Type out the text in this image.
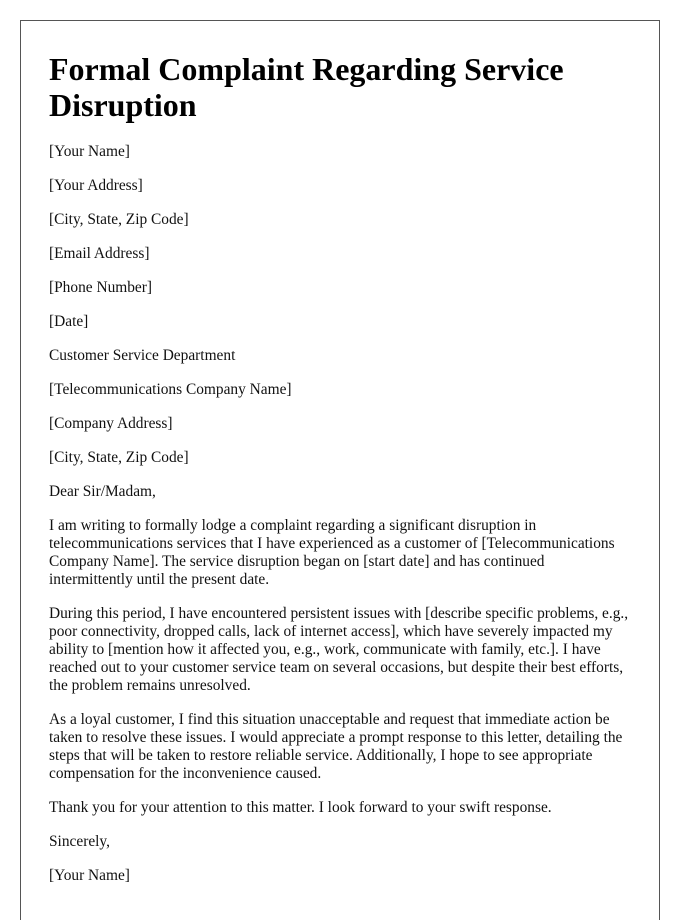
Formal Complaint Regarding Service Disruption

[Your Name]

[Your Address]

[City, State, Zip Code]

[Email Address]

[Phone Number]

[Date]

Customer Service Department

[Telecommunications Company Name]

[Company Address]

[City, State, Zip Code]

Dear Sir/Madam,

I am writing to formally lodge a complaint regarding a significant disruption in telecommunications services that I have experienced as a customer of [Telecommunications Company Name]. The service disruption began on [start date] and has continued intermittently until the present date.

During this period, I have encountered persistent issues with [describe specific problems, e.g., poor connectivity, dropped calls, lack of internet access], which have severely impacted my ability to [mention how it affected you, e.g., work, communicate with family, etc.]. I have reached out to your customer service team on several occasions, but despite their best efforts, the problem remains unresolved.

As a loyal customer, I find this situation unacceptable and request that immediate action be taken to resolve these issues. I would appreciate a prompt response to this letter, detailing the steps that will be taken to restore reliable service. Additionally, I hope to see appropriate compensation for the inconvenience caused.

Thank you for your attention to this matter. I look forward to your swift response.

Sincerely,

[Your Name]
